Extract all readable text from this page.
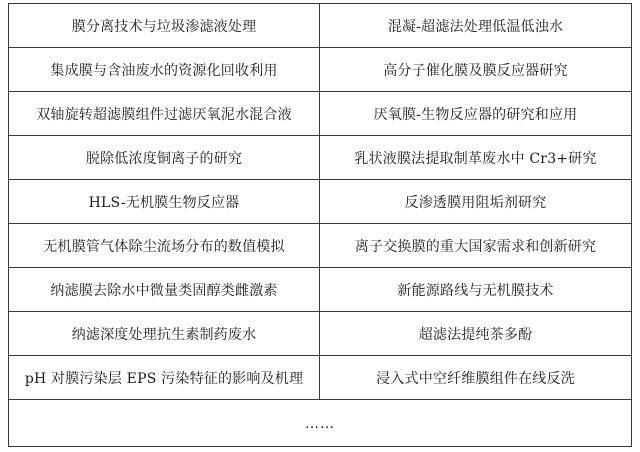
膜分离技术与垃圾渗滤液处理	混凝-超滤法处理低温低浊水
集成膜与含油废水的资源化回收利用	高分子催化膜及膜反应器研究
双轴旋转超滤膜组件过滤厌氧泥水混合液	厌氧膜-生物反应器的研究和应用
脱除低浓度铜离子的研究	乳状液膜法提取制革废水中 Cr3+研究
HLS-无机膜生物反应器	反渗透膜用阻垢剂研究
无机膜管气体除尘流场分布的数值模拟	离子交换膜的重大国家需求和创新研究
纳滤膜去除水中微量类固醇类雌激素	新能源路线与无机膜技术
纳滤深度处理抗生素制药废水	超滤法提纯茶多酚
pH 对膜污染层 EPS 污染特征的影响及机理	浸入式中空纤维膜组件在线反洗
……
